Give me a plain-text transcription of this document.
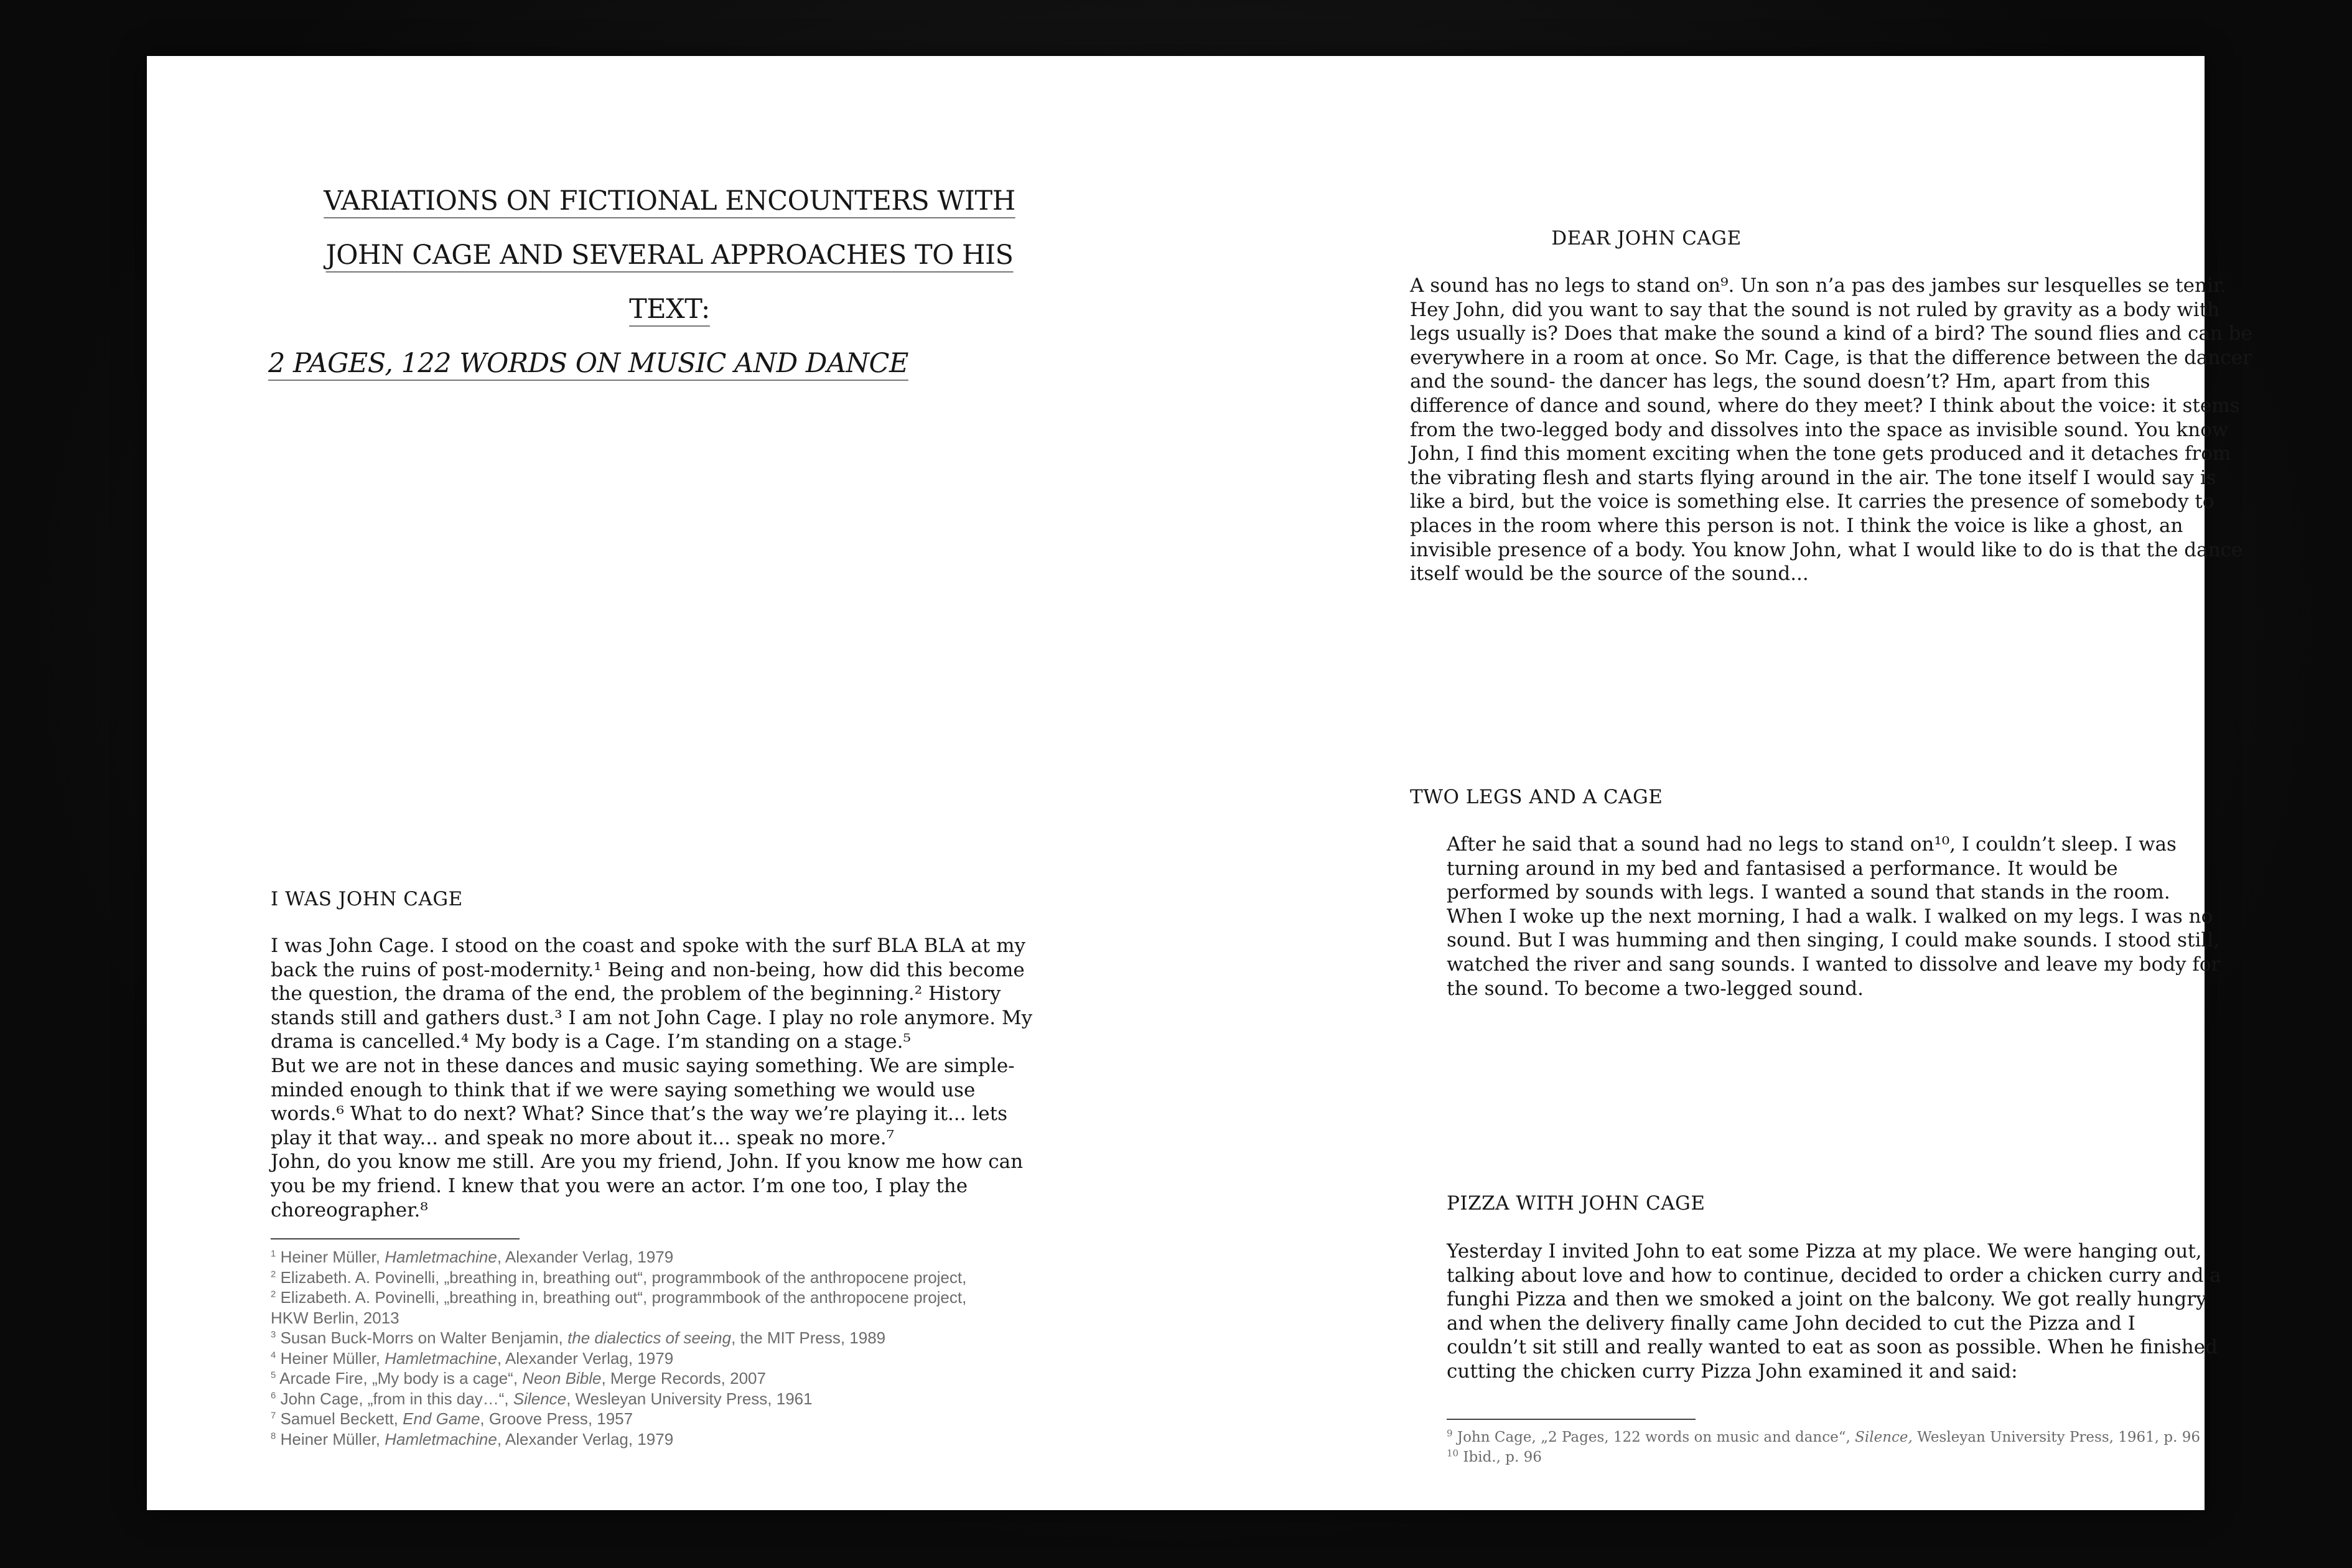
VARIATIONS ON FICTIONAL ENCOUNTERS WITH
JOHN CAGE AND SEVERAL APPROACHES TO HIS
TEXT:
2 PAGES, 122 WORDS ON MUSIC AND DANCE
I WAS JOHN CAGE

I was John Cage. I stood on the coast and spoke with the surf BLA BLA at my

back the ruins of post-modernity.¹ Being and non-being, how did this become

the question, the drama of the end, the problem of the beginning.² History

stands still and gathers dust.³ I am not John Cage. I play no role anymore. My

drama is cancelled.⁴ My body is a Cage. I’m standing on a stage.⁵

But we are not in these dances and music saying something. We are simple-

minded enough to think that if we were saying something we would use

words.⁶ What to do next? What? Since that’s the way we’re playing it... lets

play it that way... and speak no more about it... speak no more.⁷

John, do you know me still. Are you my friend, John. If you know me how can

you be my friend. I knew that you were an actor. I’m one too, I play the

choreographer.⁸

$^1$ Heiner Müller, Hamletmachine, Alexander Verlag, 1979
$^2$ Elizabeth. A. Povinelli, „breathing in, breathing out“, programmbook of the anthropocene project,
$^2$ Elizabeth. A. Povinelli, „breathing in, breathing out“, programmbook of the anthropocene project,
HKW Berlin, 2013
$^3$ Susan Buck-Morrs on Walter Benjamin, the dialectics of seeing, the MIT Press, 1989
$^4$ Heiner Müller, Hamletmachine, Alexander Verlag, 1979
$^5$ Arcade Fire, „My body is a cage“, Neon Bible, Merge Records, 2007
$^6$ John Cage, „from in this day…“, Silence, Wesleyan University Press, 1961
$^7$ Samuel Beckett, End Game, Groove Press, 1957
$^8$ Heiner Müller, Hamletmachine, Alexander Verlag, 1979
DEAR JOHN CAGE

A sound has no legs to stand on⁹. Un son n’a pas des jambes sur lesquelles se tenir.

Hey John, did you want to say that the sound is not ruled by gravity as a body with

legs usually is? Does that make the sound a kind of a bird? The sound flies and can be

everywhere in a room at once. So Mr. Cage, is that the difference between the dancer

and the sound- the dancer has legs, the sound doesn’t? Hm, apart from this

difference of dance and sound, where do they meet? I think about the voice: it stems

from the two-legged body and dissolves into the space as invisible sound. You know

John, I find this moment exciting when the tone gets produced and it detaches from

the vibrating flesh and starts flying around in the air. The tone itself I would say is

like a bird, but the voice is something else. It carries the presence of somebody to

places in the room where this person is not. I think the voice is like a ghost, an

invisible presence of a body. You know John, what I would like to do is that the dance

itself would be the source of the sound...

TWO LEGS AND A CAGE

After he said that a sound had no legs to stand on¹⁰, I couldn’t sleep. I was

turning around in my bed and fantasised a performance. It would be

performed by sounds with legs. I wanted a sound that stands in the room.

When I woke up the next morning, I had a walk. I walked on my legs. I was no

sound. But I was humming and then singing, I could make sounds. I stood still,

watched the river and sang sounds. I wanted to dissolve and leave my body for

the sound. To become a two-legged sound.

PIZZA WITH JOHN CAGE

Yesterday I invited John to eat some Pizza at my place. We were hanging out,

talking about love and how to continue, decided to order a chicken curry and a

funghi Pizza and then we smoked a joint on the balcony. We got really hungry

and when the delivery finally came John decided to cut the Pizza and I

couldn’t sit still and really wanted to eat as soon as possible. When he finished

cutting the chicken curry Pizza John examined it and said:

$^9$ John Cage, „2 Pages, 122 words on music and dance“, Silence, Wesleyan University Press, 1961, p. 96
$^{10}$ Ibid., p. 96
